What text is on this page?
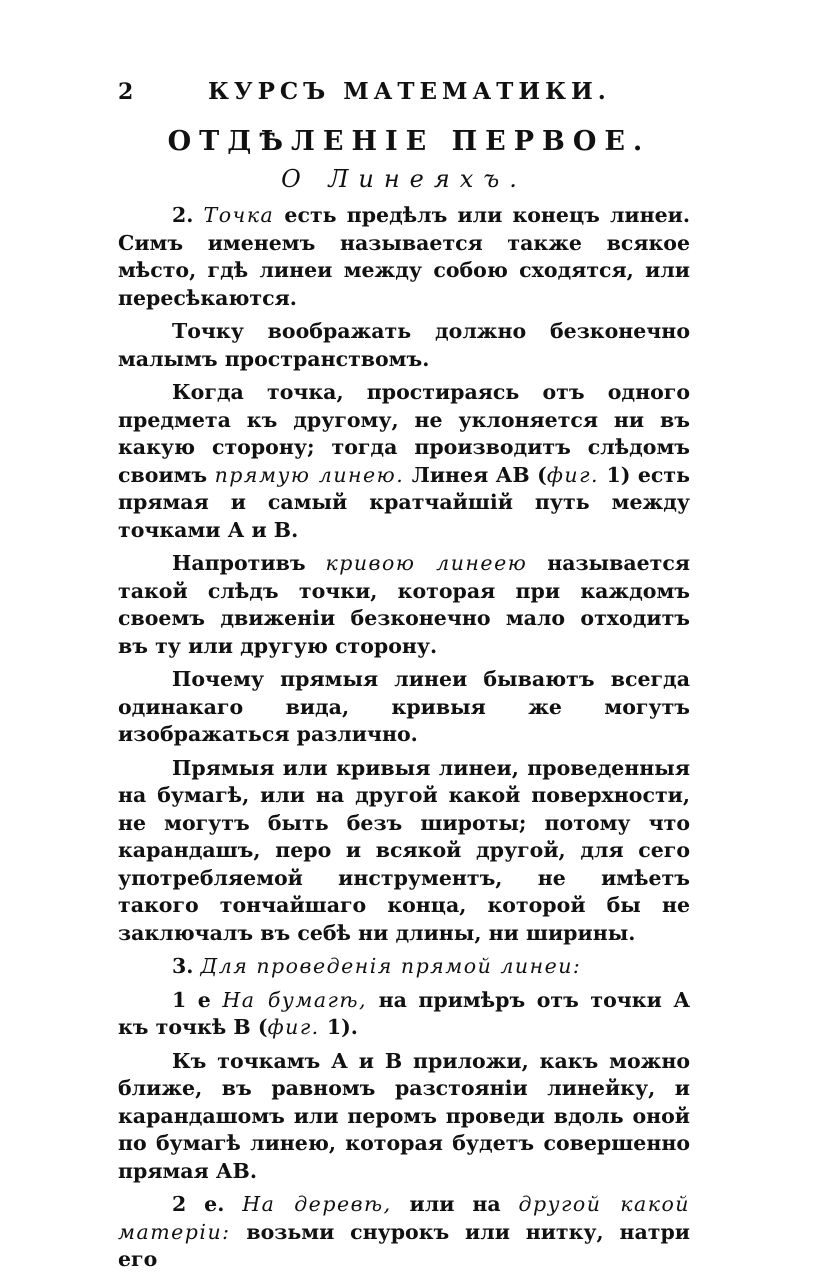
2	КУРСЪ МАТЕМАТИКИ.
ОТДѢЛЕНІЕ ПЕРВОЕ.
О Линеяхъ.

2. Точка есть предѣлъ или конецъ линеи. Симъ именемъ называется также всякое мѣсто, гдѣ линеи между собою сходятся, или пересѣкаются.

Точку воображать должно безконечно малымъ пространствомъ.

Когда точка, простираясь отъ одного предмета къ другому, не уклоняется ни въ какую сторону; тогда производитъ слѣдомъ своимъ прямую линею. Линея АВ (фиг. 1) есть прямая и самый кратчайшій путь между точками А и В.

Напротивъ кривою линеею называется такой слѣдъ точки, которая при каждомъ своемъ движеніи безконечно мало отходитъ въ ту или другую сторону.

Почему прямыя линеи бываютъ всегда одинакаго вида, кривыя же могутъ изображаться различно.

Прямыя или кривыя линеи, проведенныя на бумагѣ, или на другой какой поверхности, не могутъ быть безъ широты; потому что карандашъ, перо и всякой другой, для сего употребляемой инструментъ, не имѣетъ такого тончайшаго конца, которой бы не заключалъ въ себѣ ни длины, ни ширины.

3. Для проведенія прямой линеи:

1 е На бумагѣ, на примѣръ отъ точки А къ точкѣ В (фиг. 1).

Къ точкамъ А и В приложи, какъ можно ближе, въ равномъ разстояніи линейку, и карандашомъ или перомъ проведи вдоль оной по бумагѣ линею, которая будетъ совершенно прямая АВ.

2 е. На деревѣ, или на другой какой матеріи: возьми снурокъ или нитку, натри его
